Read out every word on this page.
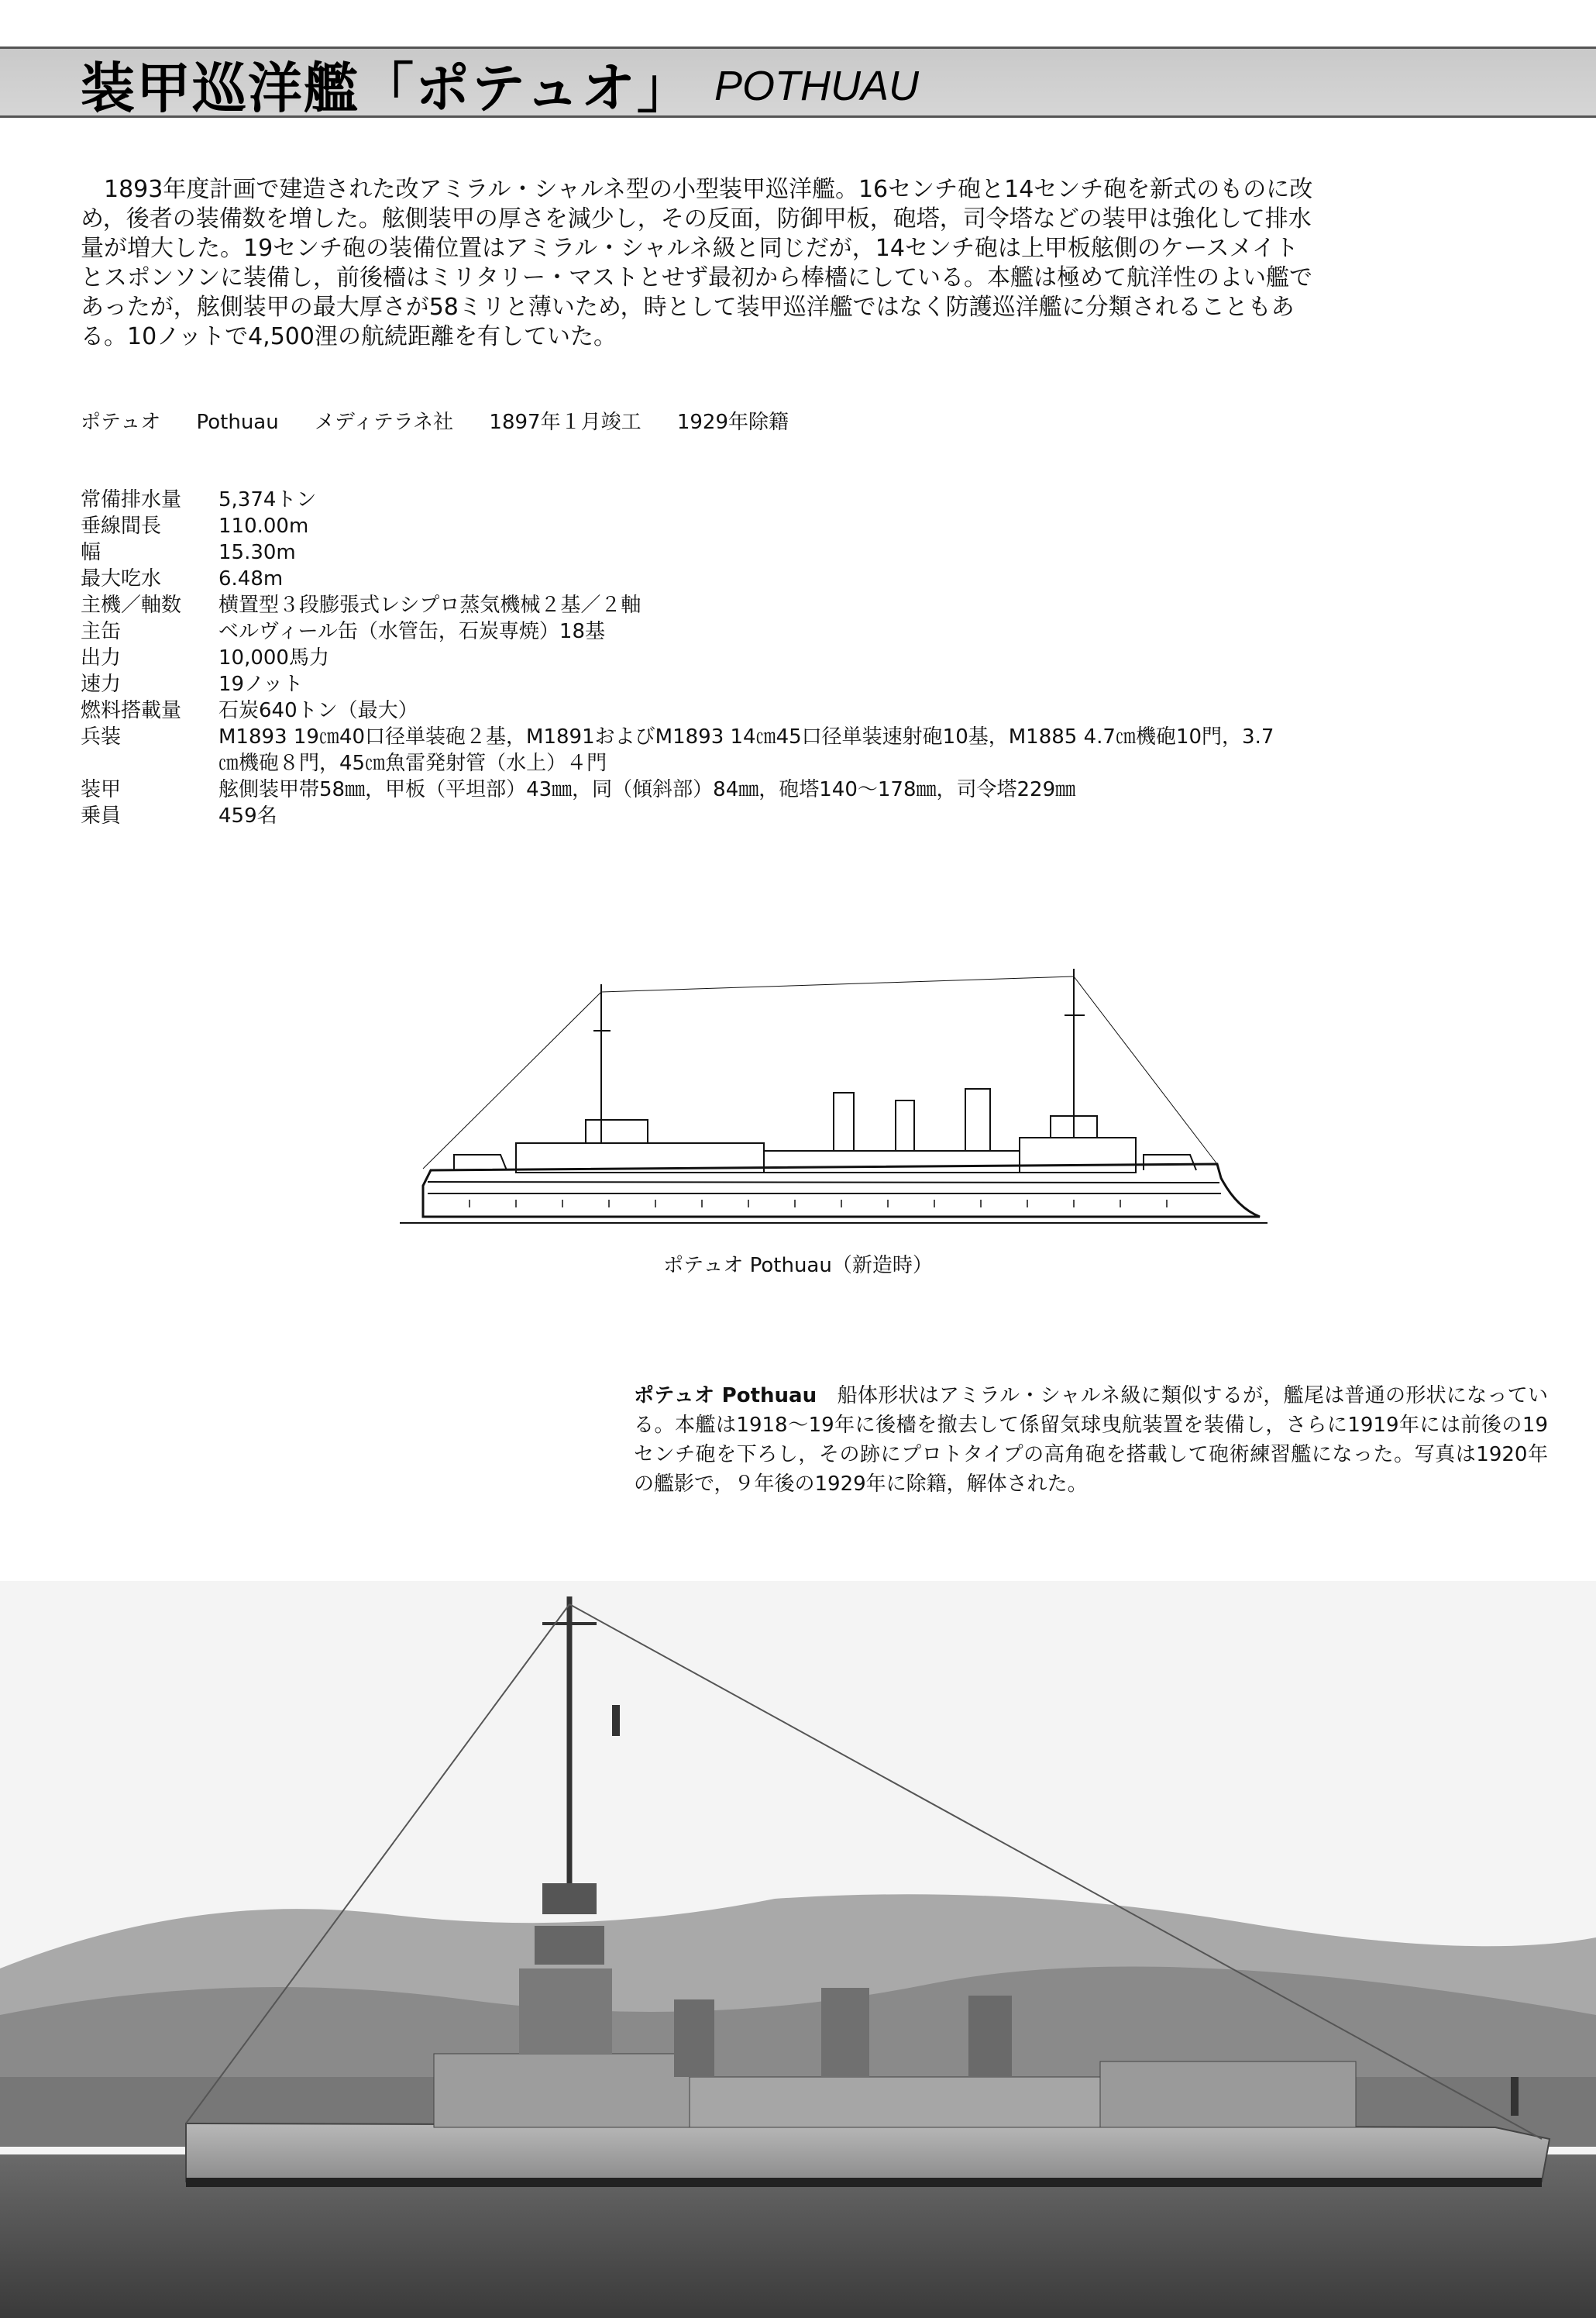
装甲巡洋艦「ポテュオ」 POTHUAU

1893年度計画で建造された改アミラル・シャルネ型の小型装甲巡洋艦。16センチ砲と14センチ砲を新式のものに改め，後者の装備数を増した。舷側装甲の厚さを減少し，その反面，防御甲板，砲塔，司令塔などの装甲は強化して排水量が増大した。19センチ砲の装備位置はアミラル・シャルネ級と同じだが，14センチ砲は上甲板舷側のケースメイトとスポンソンに装備し，前後檣はミリタリー・マストとせず最初から棒檣にしている。本艦は極めて航洋性のよい艦であったが，舷側装甲の最大厚さが58ミリと薄いため，時として装甲巡洋艦ではなく防護巡洋艦に分類されることもある。10ノットで4,500浬の航続距離を有していた。

ポテュオ Pothuau メディテラネ社 1897年１月竣工 1929年除籍
常備排水量	5,374トン
垂線間長	110.00m
幅	15.30m
最大吃水	6.48m
主機／軸数	横置型３段膨張式レシプロ蒸気機械２基／２軸
主缶	ベルヴィール缶（水管缶，石炭専焼）18基
出力	10,000馬力
速力	19ノット
燃料搭載量	石炭640トン（最大）
兵装	M1893 19㎝40口径単装砲２基，M1891およびM1893 14㎝45口径単装速射砲10基，M1885 4.7㎝機砲10門，3.7㎝機砲８門，45㎝魚雷発射管（水上）４門
装甲	舷側装甲帯58㎜，甲板（平坦部）43㎜，同（傾斜部）84㎜，砲塔140〜178㎜，司令塔229㎜
乗員	459名
ポテュオ Pothuau（新造時）

ポテュオ Pothuau　 船体形状はアミラル・シャルネ級に類似するが，艦尾は普通の形状になっている。本艦は1918〜19年に後檣を撤去して係留気球曳航装置を装備し，さらに1919年には前後の19センチ砲を下ろし，その跡にプロトタイプの高角砲を搭載して砲術練習艦になった。写真は1920年の艦影で，９年後の1929年に除籍，解体された。
